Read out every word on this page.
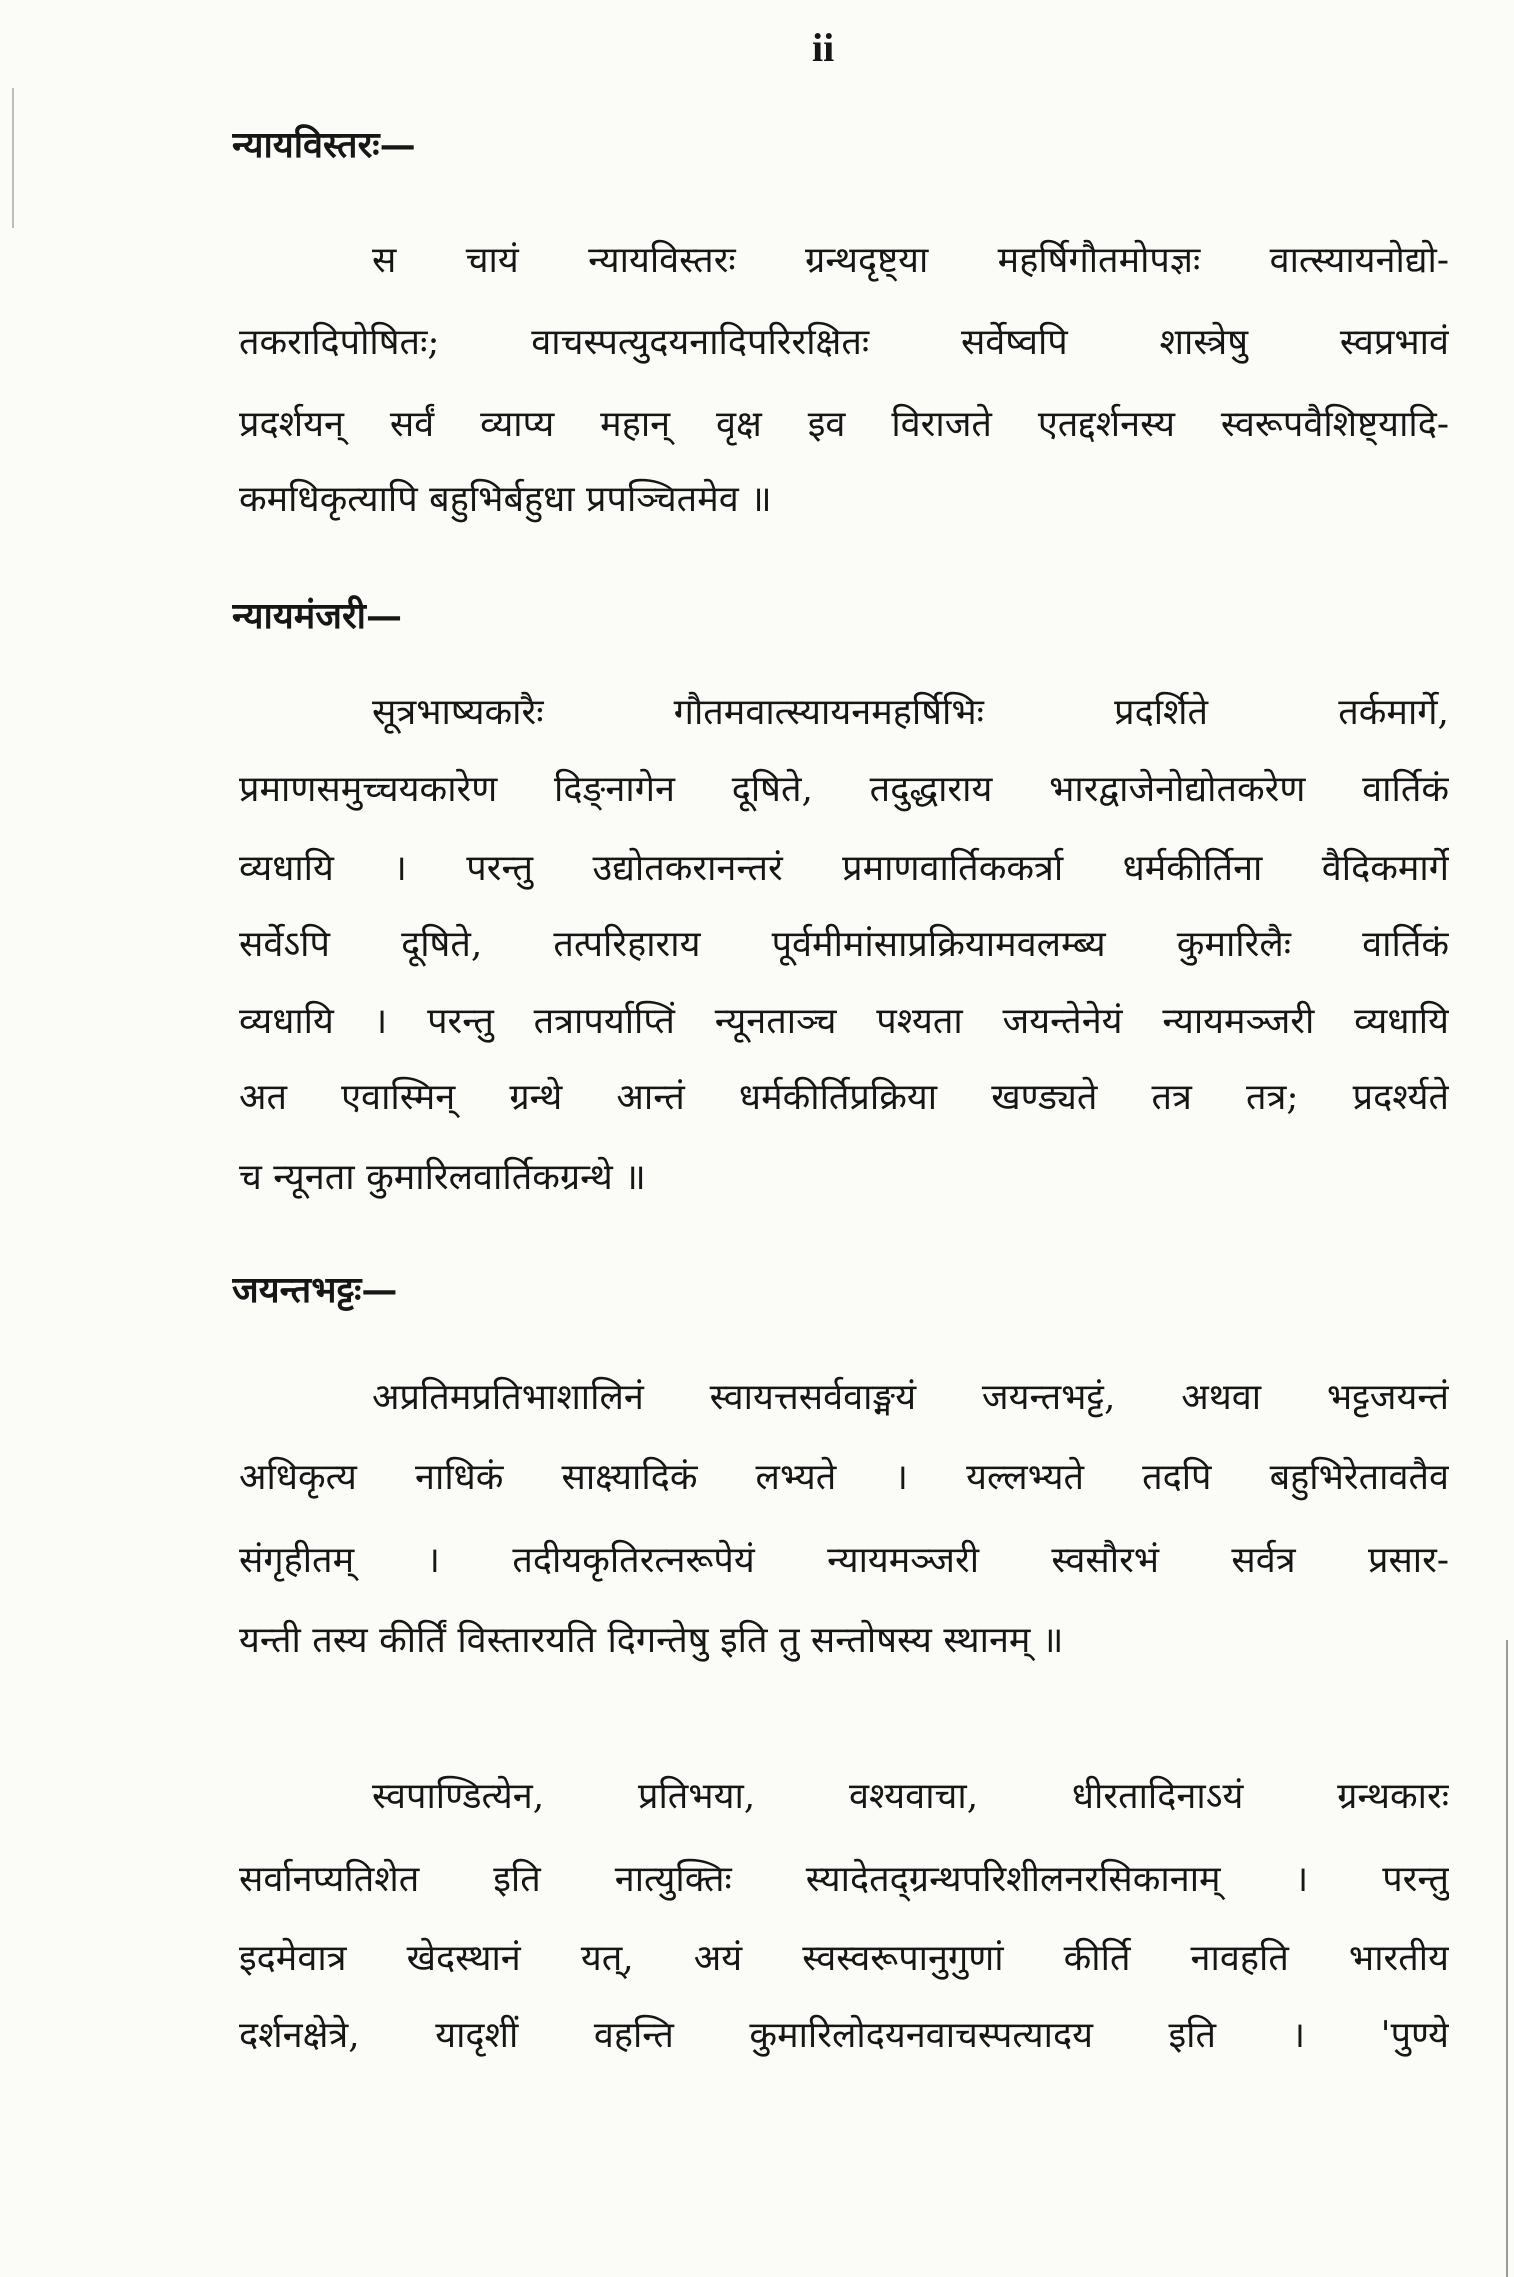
ii
न्यायविस्तरः—
स चायं न्यायविस्तरः ग्रन्थदृष्ट्या महर्षिगौतमोपज्ञः वात्स्यायनोद्यो-
तकरादिपोषितः; वाचस्पत्युदयनादिपरिरक्षितः सर्वेष्वपि शास्त्रेषु स्वप्रभावं
प्रदर्शयन् सर्वं व्याप्य महान् वृक्ष इव विराजते एतद्दर्शनस्य स्वरूपवैशिष्ट्यादि-
कमधिकृत्यापि बहुभिर्बहुधा प्रपञ्चितमेव ॥
न्यायमंजरी—
सूत्रभाष्यकारैः गौतमवात्स्यायनमहर्षिभिः प्रदर्शिते तर्कमार्गे,
प्रमाणसमुच्चयकारेण दिङ्नागेन दूषिते, तदुद्धाराय भारद्वाजेनोद्योतकरेण वार्तिकं
व्यधायि । परन्तु उद्योतकरानन्तरं प्रमाणवार्तिककर्त्रा धर्मकीर्तिना वैदिकमार्गे
सर्वेऽपि दूषिते, तत्परिहाराय पूर्वमीमांसाप्रक्रियामवलम्ब्य कुमारिलैः वार्तिकं
व्यधायि । परन्तु तत्रापर्याप्तिं न्यूनताञ्च पश्यता जयन्तेनेयं न्यायमञ्जरी व्यधायि
अत एवास्मिन् ग्रन्थे आन्तं धर्मकीर्तिप्रक्रिया खण्ड्यते तत्र तत्र; प्रदर्श्यते
च न्यूनता कुमारिलवार्तिकग्रन्थे ॥
जयन्तभट्टः—
अप्रतिमप्रतिभाशालिनं स्वायत्तसर्ववाङ्मयं जयन्तभट्टं, अथवा भट्टजयन्तं
अधिकृत्य नाधिकं साक्ष्यादिकं लभ्यते । यल्लभ्यते तदपि बहुभिरेतावतैव
संगृहीतम् । तदीयकृतिरत्नरूपेयं न्यायमञ्जरी स्वसौरभं सर्वत्र प्रसार-
यन्ती तस्य कीर्तिं विस्तारयति दिगन्तेषु इति तु सन्तोषस्य स्थानम् ॥
स्वपाण्डित्येन, प्रतिभया, वश्यवाचा, धीरतादिनाऽयं ग्रन्थकारः
सर्वानप्यतिशेत इति नात्युक्तिः स्यादेतद्ग्रन्थपरिशीलनरसिकानाम् । परन्तु
इदमेवात्र खेदस्थानं यत्, अयं स्वस्वरूपानुगुणां कीर्ति नावहति भारतीय
दर्शनक्षेत्रे, यादृशीं वहन्ति कुमारिलोदयनवाचस्पत्यादय इति । 'पुण्ये
